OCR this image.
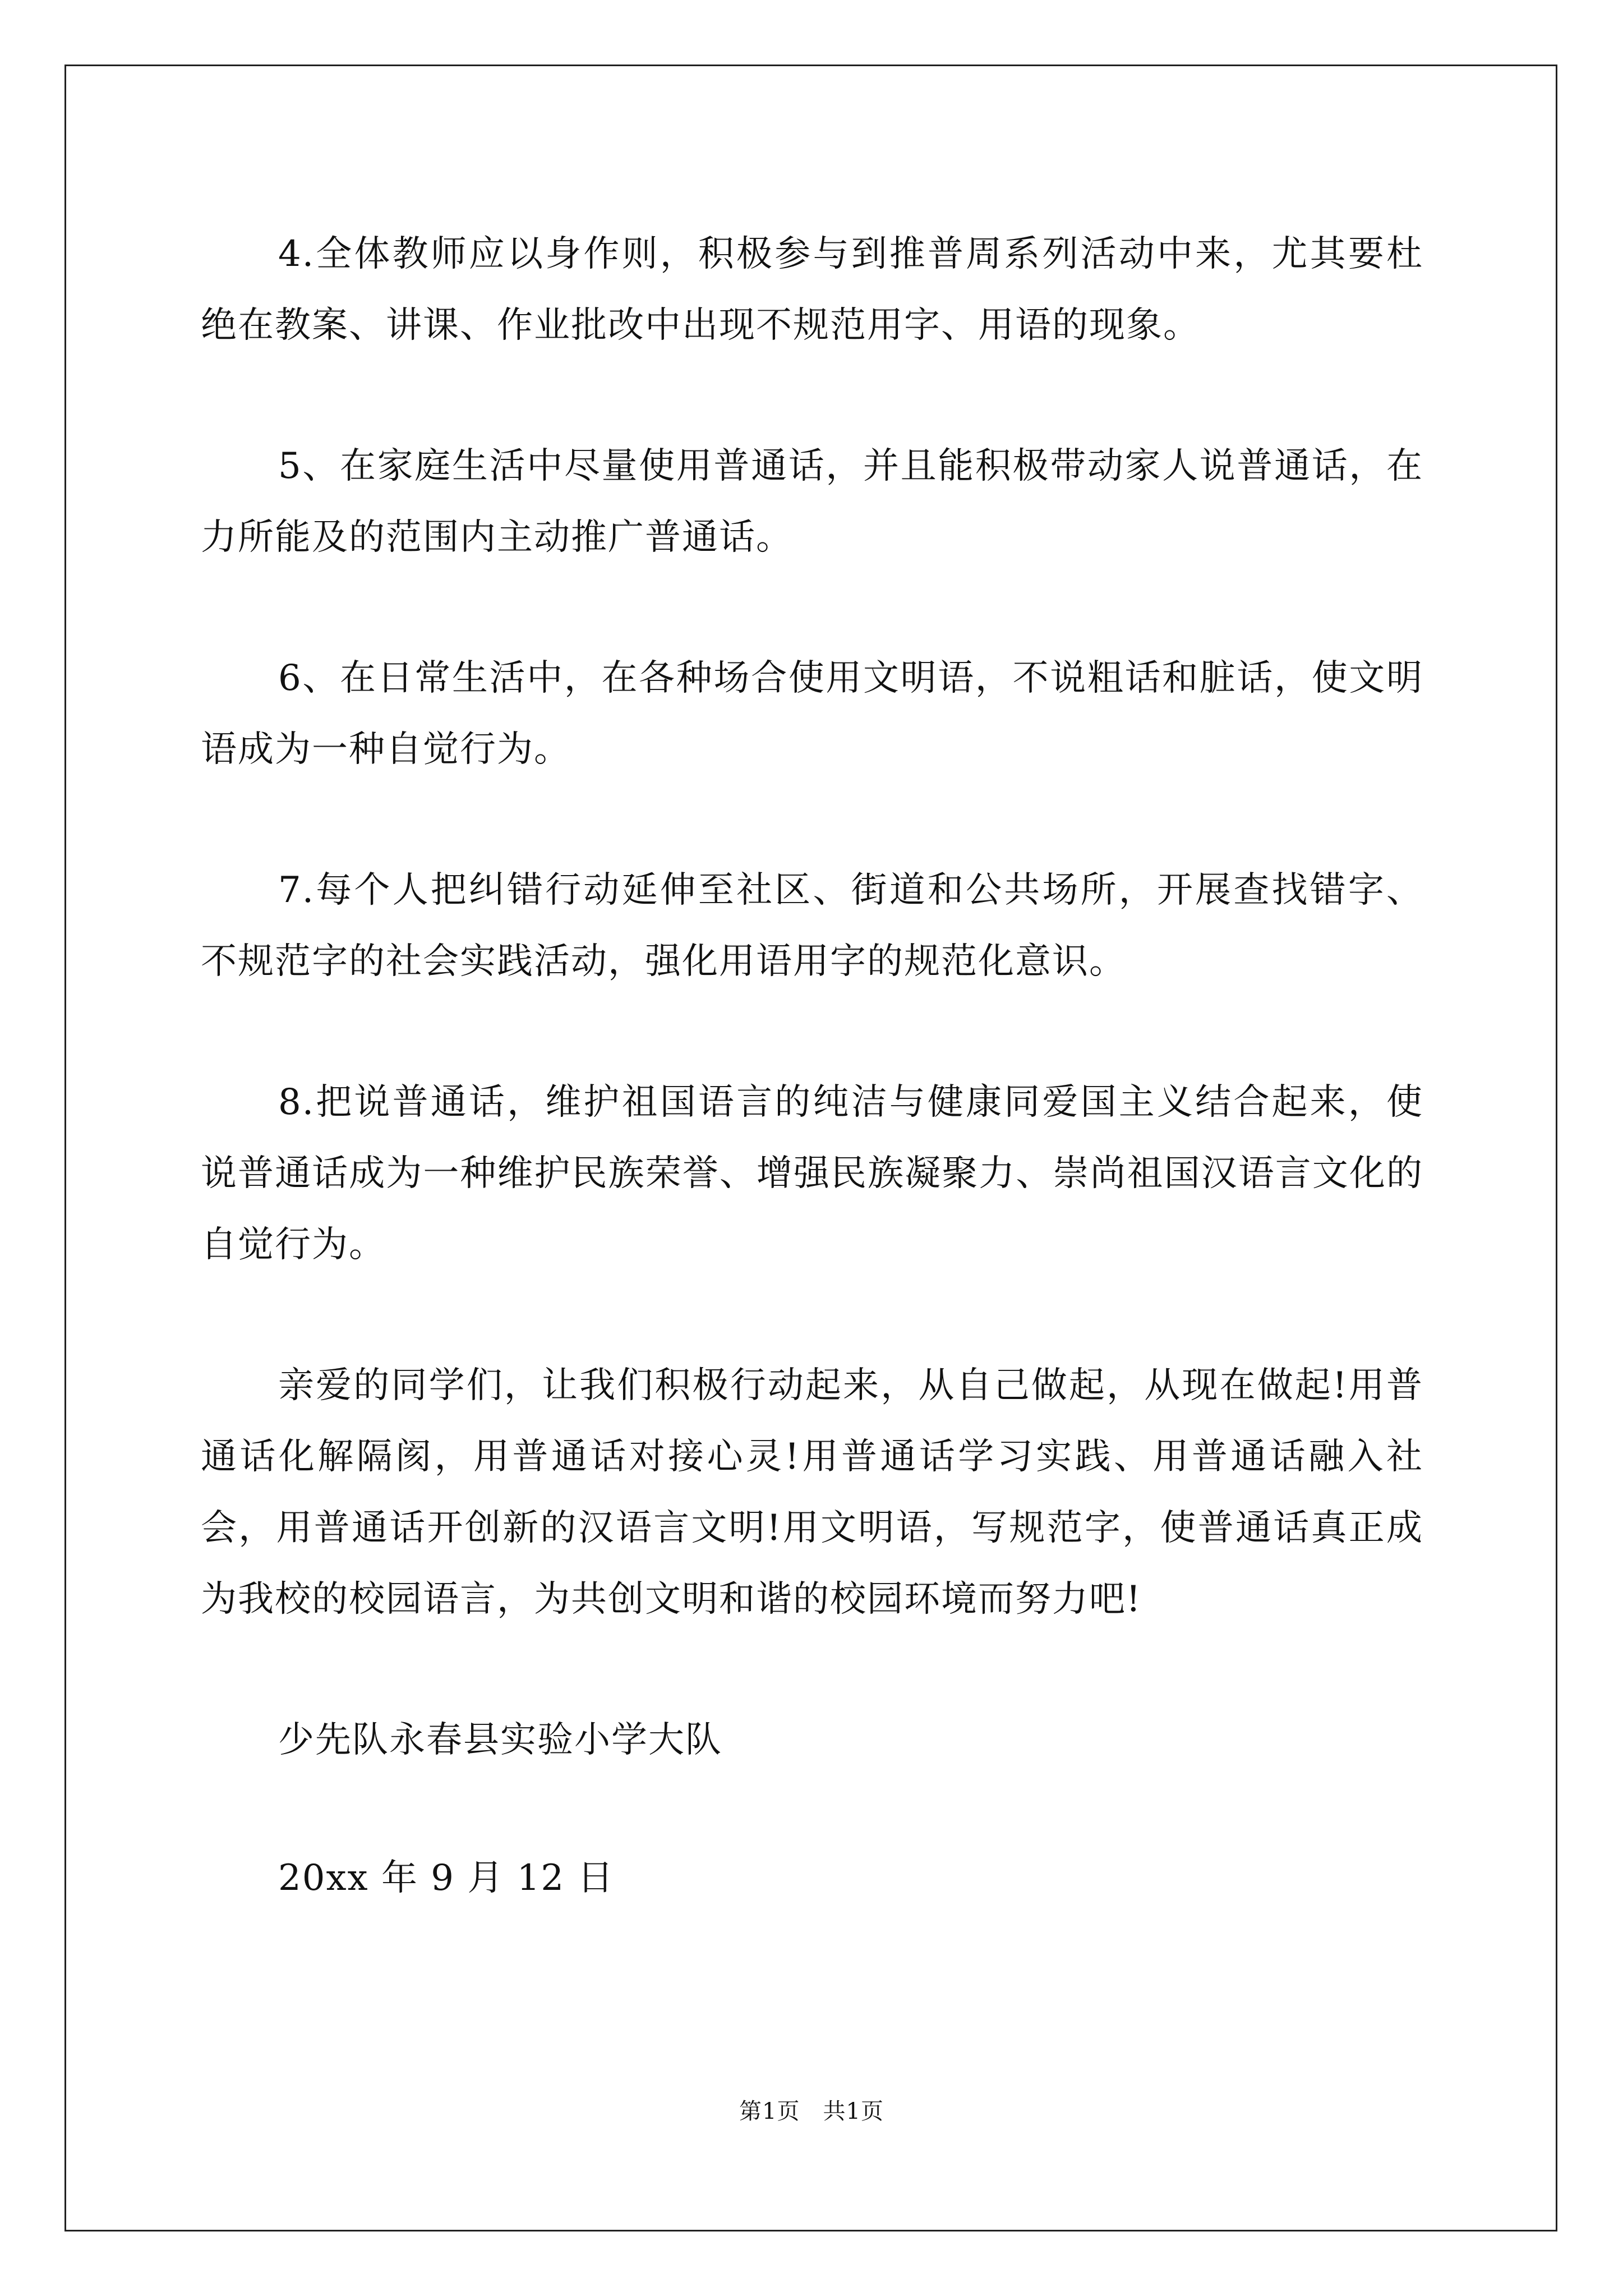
4.全体教师应以身作则，积极参与到推普周系列活动中来，尤其要杜绝在教案、讲课、作业批改中出现不规范用字、用语的现象。

5、在家庭生活中尽量使用普通话，并且能积极带动家人说普通话，在力所能及的范围内主动推广普通话。

6、在日常生活中，在各种场合使用文明语，不说粗话和脏话，使文明语成为一种自觉行为。

7.每个人把纠错行动延伸至社区、街道和公共场所，开展查找错字、不规范字的社会实践活动，强化用语用字的规范化意识。

8.把说普通话，维护祖国语言的纯洁与健康同爱国主义结合起来，使说普通话成为一种维护民族荣誉、增强民族凝聚力、崇尚祖国汉语言文化的自觉行为。

亲爱的同学们，让我们积极行动起来，从自己做起，从现在做起!用普通话化解隔阂，用普通话对接心灵!用普通话学习实践、用普通话融入社会，用普通话开创新的汉语言文明!用文明语，写规范字，使普通话真正成为我校的校园语言，为共创文明和谐的校园环境而努力吧!

少先队永春县实验小学大队

20xx 年 9 月 12 日

第1页　共1页
